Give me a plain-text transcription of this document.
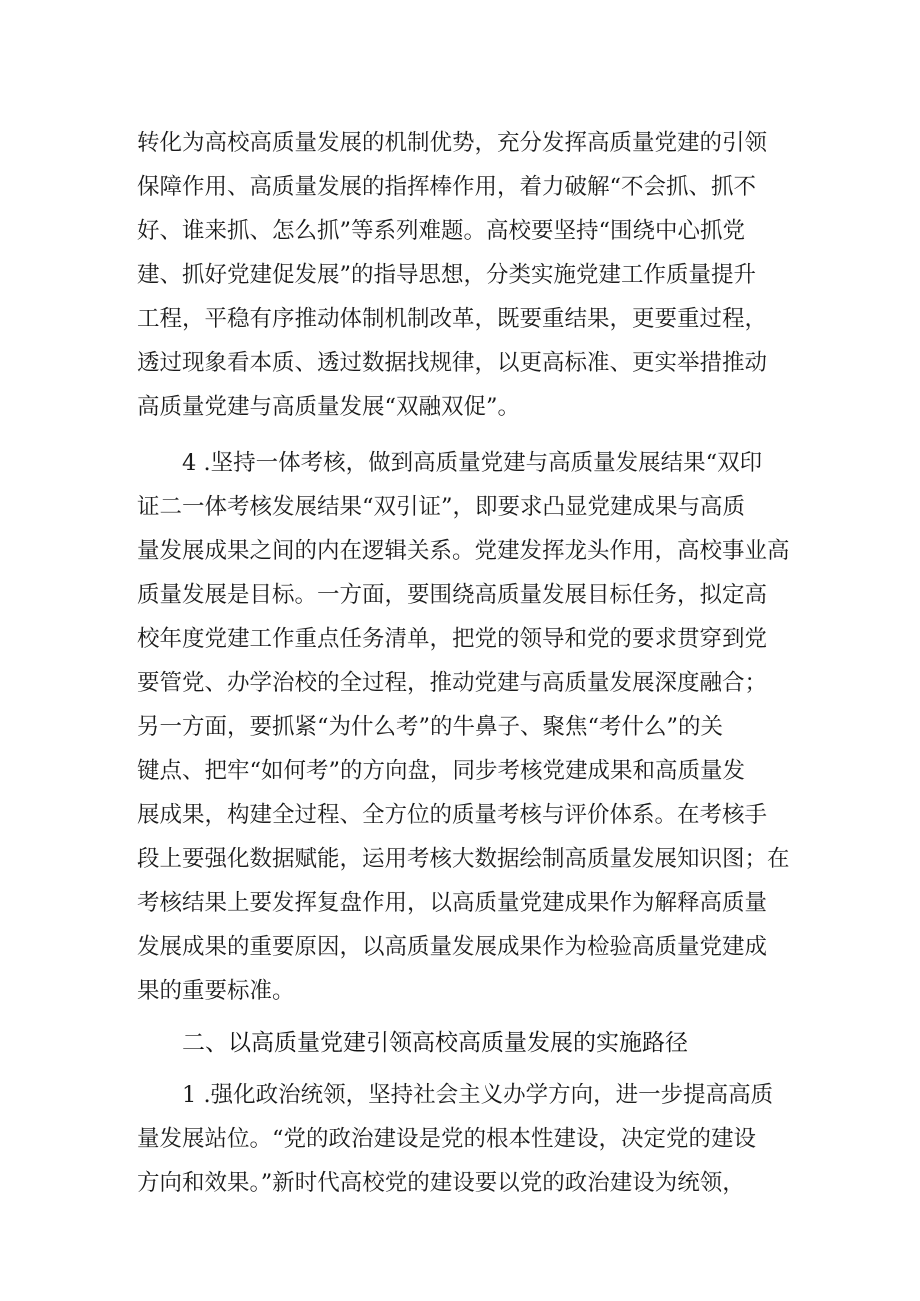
转化为高校高质量发展的机制优势，充分发挥高质量党建的引领
保障作用、高质量发展的指挥棒作用，着力破解“不会抓、抓不
好、谁来抓、怎么抓”等系列难题。高校要坚持“围绕中心抓党
建、抓好党建促发展”的指导思想，分类实施党建工作质量提升
工程，平稳有序推动体制机制改革，既要重结果，更要重过程，
透过现象看本质、透过数据找规律，以更高标准、更实举措推动
高质量党建与高质量发展“双融双促”。
4 .坚持一体考核，做到高质量党建与高质量发展结果“双印
证二一体考核发展结果“双引证”，即要求凸显党建成果与高质
量发展成果之间的内在逻辑关系。党建发挥龙头作用，高校事业高
质量发展是目标。一方面，要围绕高质量发展目标任务，拟定高
校年度党建工作重点任务清单，把党的领导和党的要求贯穿到党
要管党、办学治校的全过程，推动党建与高质量发展深度融合；
另一方面，要抓紧“为什么考”的牛鼻子、聚焦“考什么”的关
键点、把牢“如何考”的方向盘，同步考核党建成果和高质量发
展成果，构建全过程、全方位的质量考核与评价体系。在考核手
段上要强化数据赋能，运用考核大数据绘制高质量发展知识图；在
考核结果上要发挥复盘作用，以高质量党建成果作为解释高质量
发展成果的重要原因，以高质量发展成果作为检验高质量党建成
果的重要标准。
二、以高质量党建引领高校高质量发展的实施路径
1 .强化政治统领，坚持社会主义办学方向，进一步提高高质
量发展站位。“党的政治建设是党的根本性建设，决定党的建设
方向和效果。”新时代高校党的建设要以党的政治建设为统领，
